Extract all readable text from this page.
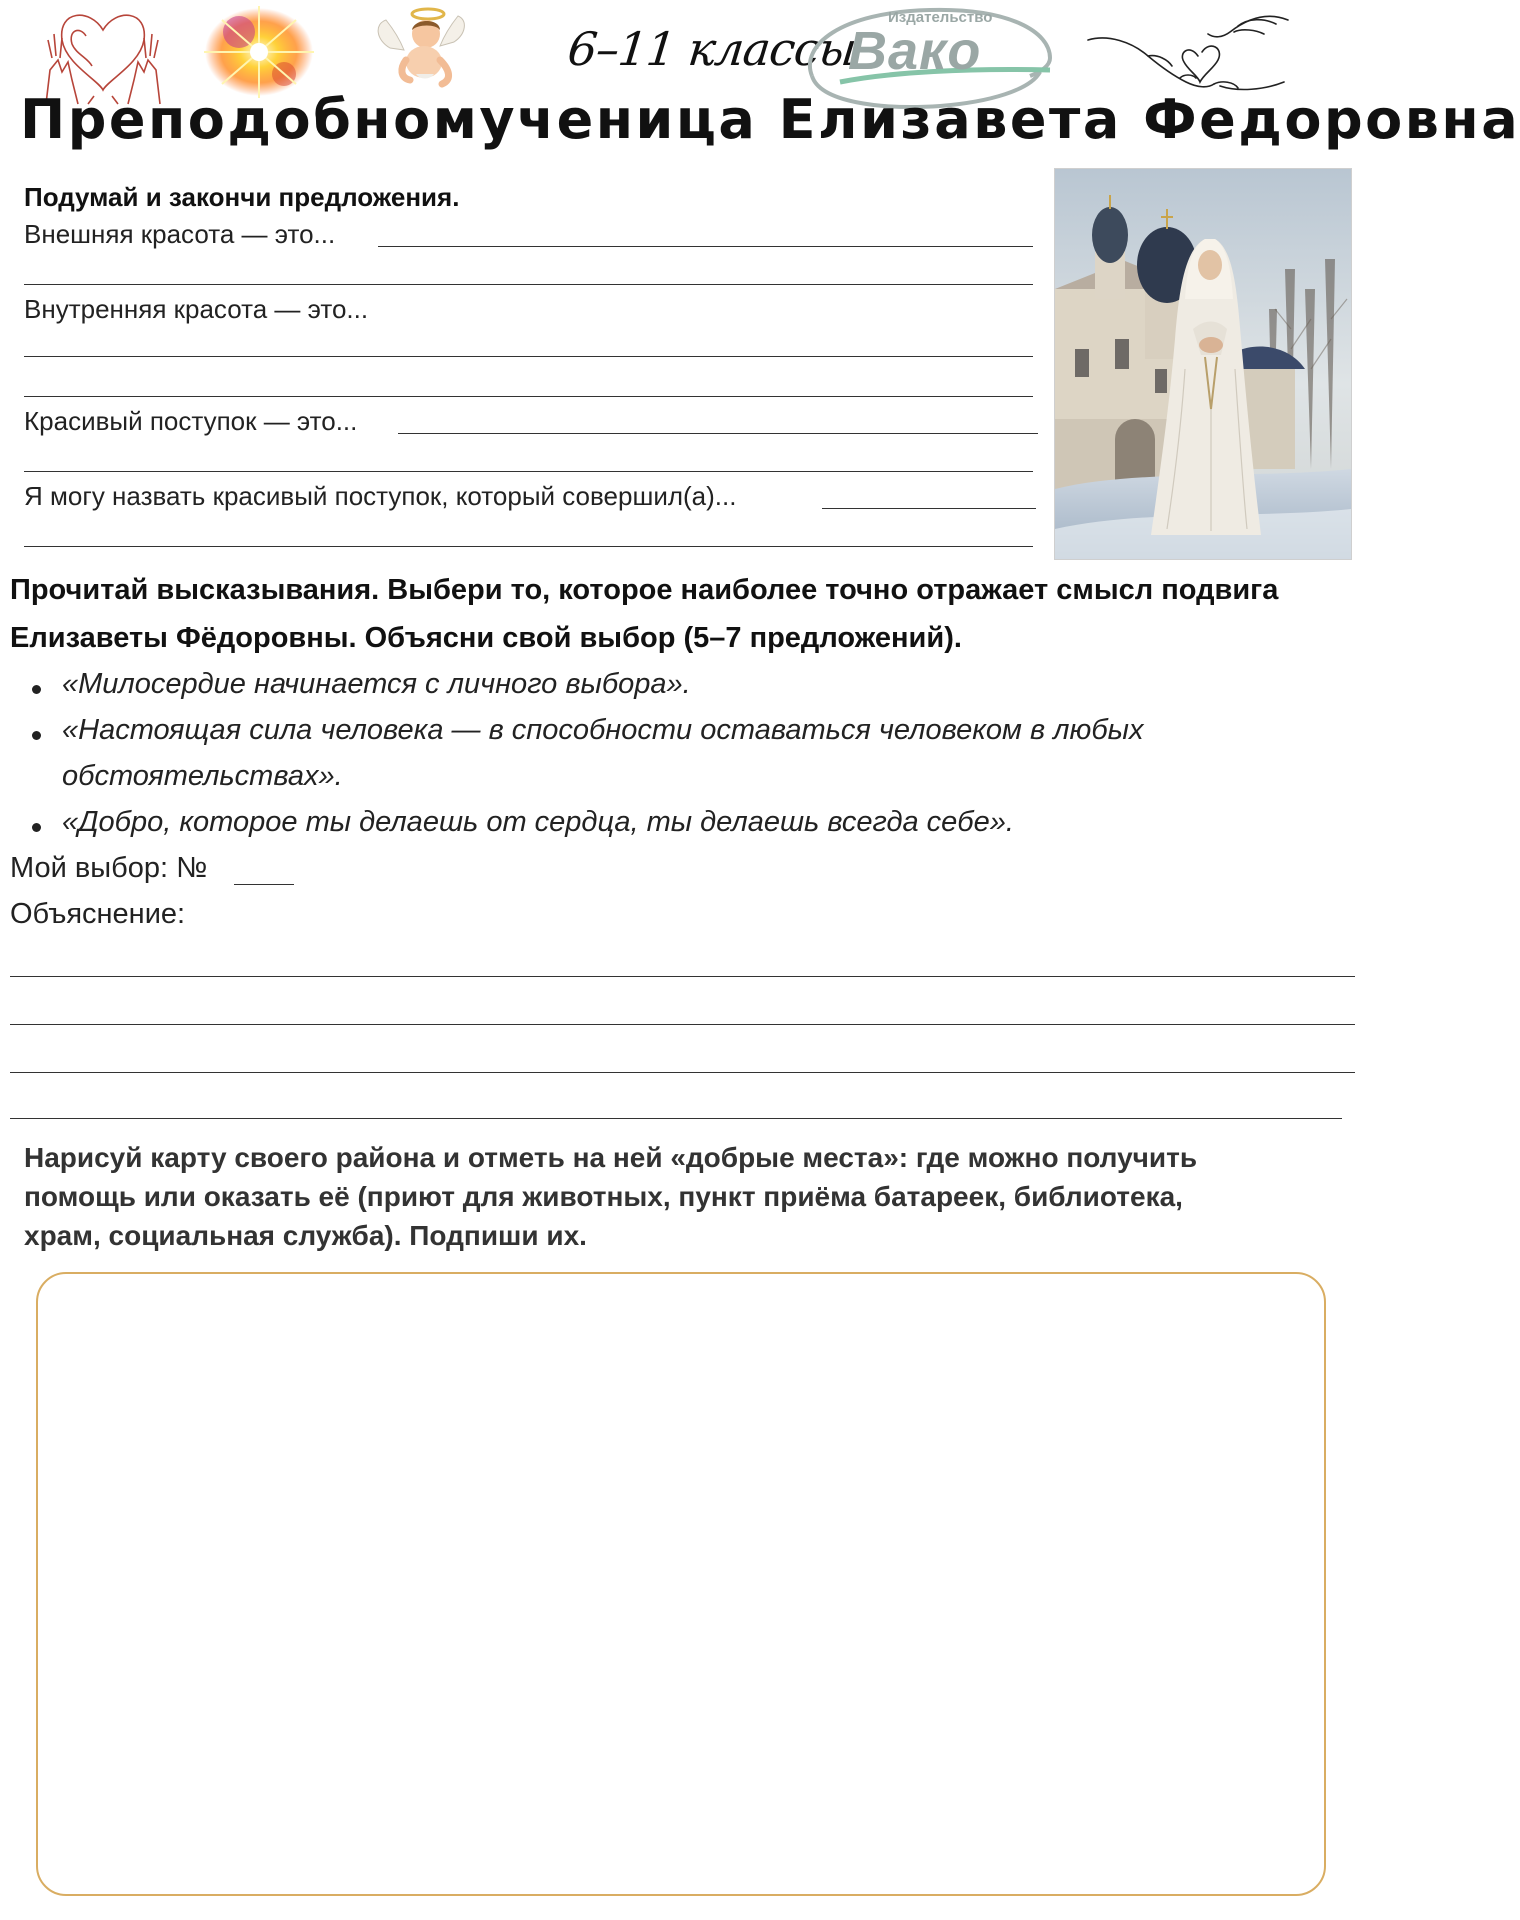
6–11 классы
Издательство
Вако
Преподобномученица Елизавета Федоровна
Подумай и закончи предложения.
Внешняя красота — это...
Внутренняя красота — это...
Красивый поступок — это...
Я могу назвать красивый поступок, который совершил(а)...
Прочитай высказывания. Выбери то, которое наиболее точно отражает смысл подвига
Елизаветы Фёдоровны. Объясни свой выбор (5–7 предложений).
«Милосердие начинается с личного выбора».
«Настоящая сила человека — в способности оставаться человеком в любых
обстоятельствах».
«Добро, которое ты делаешь от сердца, ты делаешь всегда себе».
Мой выбор: №
Объяснение:
Нарисуй карту своего района и отметь на ней «добрые места»: где можно получить
помощь или оказать её (приют для животных, пункт приёма батареек, библиотека,
храм, социальная служба). Подпиши их.
